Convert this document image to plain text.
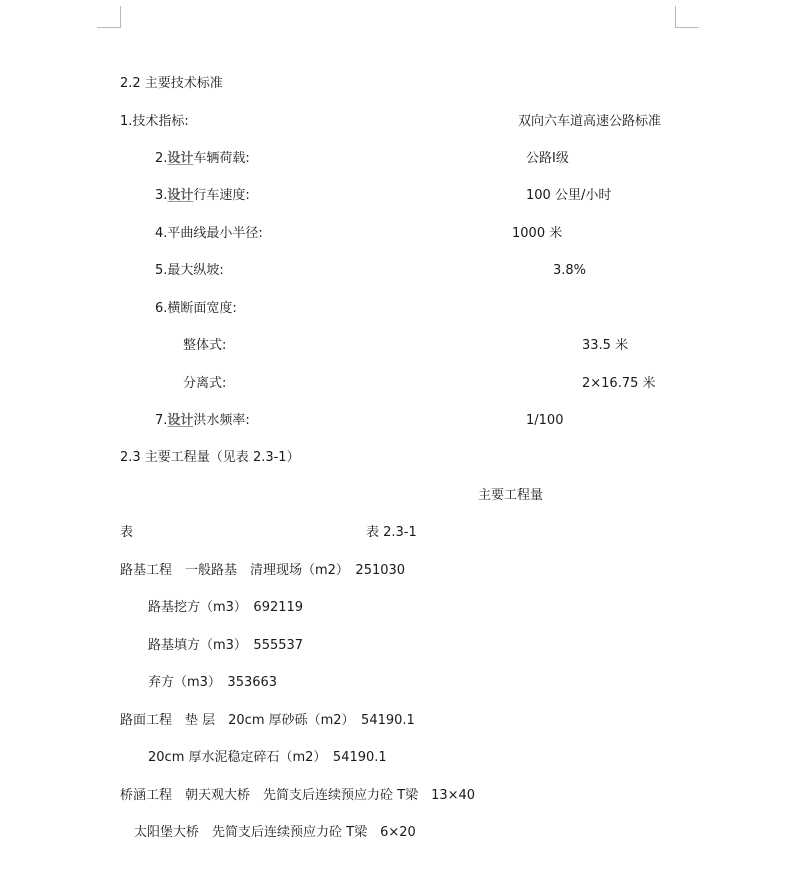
2.2 主要技术标准
1.技术指标:	双向六车道高速公路标准
2.设计车辆荷载:	公路Ⅰ级
3.设计行车速度:	100 公里/小时
4.平曲线最小半径:	1000 米
5.最大纵坡:	3.8%
6.横断面宽度:
整体式:	33.5 米
分离式:	2×16.75 米
7.设计洪水频率:	1/100
2.3 主要工程量（见表 2.3-1）
主要工程量
表	表 2.3-1
路基工程　一般路基　清理现场（m2）　251030
路基挖方（m3）　692119
路基填方（m3）　555537
弃方（m3）　353663
路面工程　垫 层　20cm 厚砂砾（m2）　54190.1
20cm 厚水泥稳定碎石（m2）　54190.1
桥涵工程　朝天观大桥　先简支后连续预应力砼 T梁　13×40
太阳堡大桥　先简支后连续预应力砼 T梁　6×20
